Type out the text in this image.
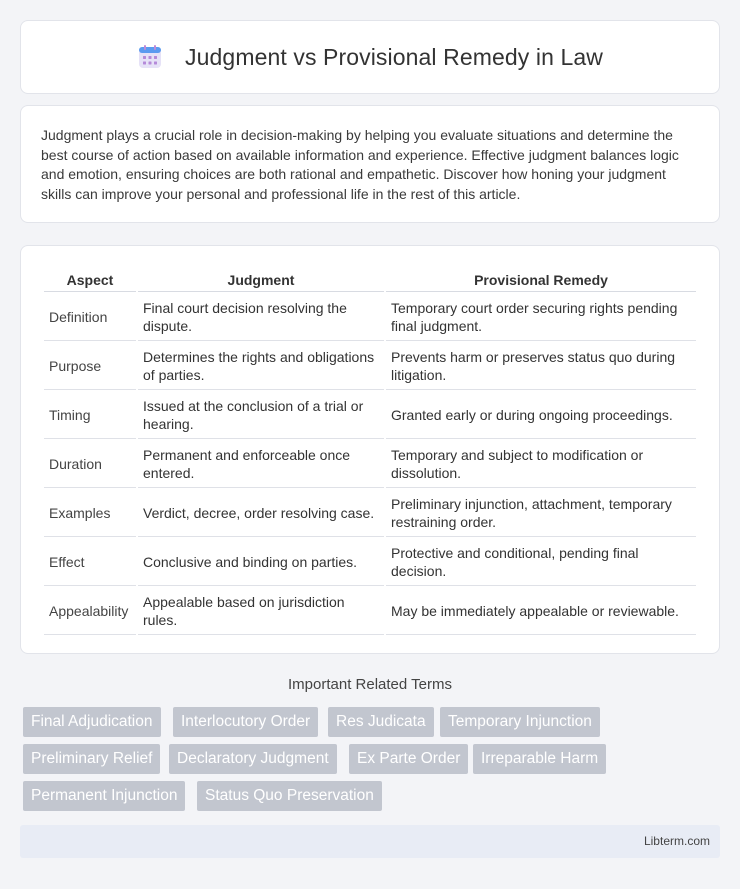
Judgment vs Provisional Remedy in Law

Judgment plays a crucial role in decision-making by helping you evaluate situations and determine the best course of action based on available information and experience. Effective judgment balances logic and emotion, ensuring choices are both rational and empathetic. Discover how honing your judgment skills can improve your personal and professional life in the rest of this article.

Aspect	Judgment	Provisional Remedy
Definition	Final court decision resolving the dispute.	Temporary court order securing rights pending final judgment.
Purpose	Determines the rights and obligations of parties.	Prevents harm or preserves status quo during litigation.
Timing	Issued at the conclusion of a trial or hearing.	Granted early or during ongoing proceedings.
Duration	Permanent and enforceable once entered.	Temporary and subject to modification or dissolution.
Examples	Verdict, decree, order resolving case.	Preliminary injunction, attachment, temporary restraining order.
Effect	Conclusive and binding on parties.	Protective and conditional, pending final decision.
Appealability	Appealable based on jurisdiction rules.	May be immediately appealable or reviewable.
Important Related Terms
Final Adjudication	Interlocutory Order	Res Judicata	Temporary Injunction
Preliminary Relief	Declaratory Judgment	Ex Parte Order	Irreparable Harm
Permanent Injunction	Status Quo Preservation
Libterm.com
